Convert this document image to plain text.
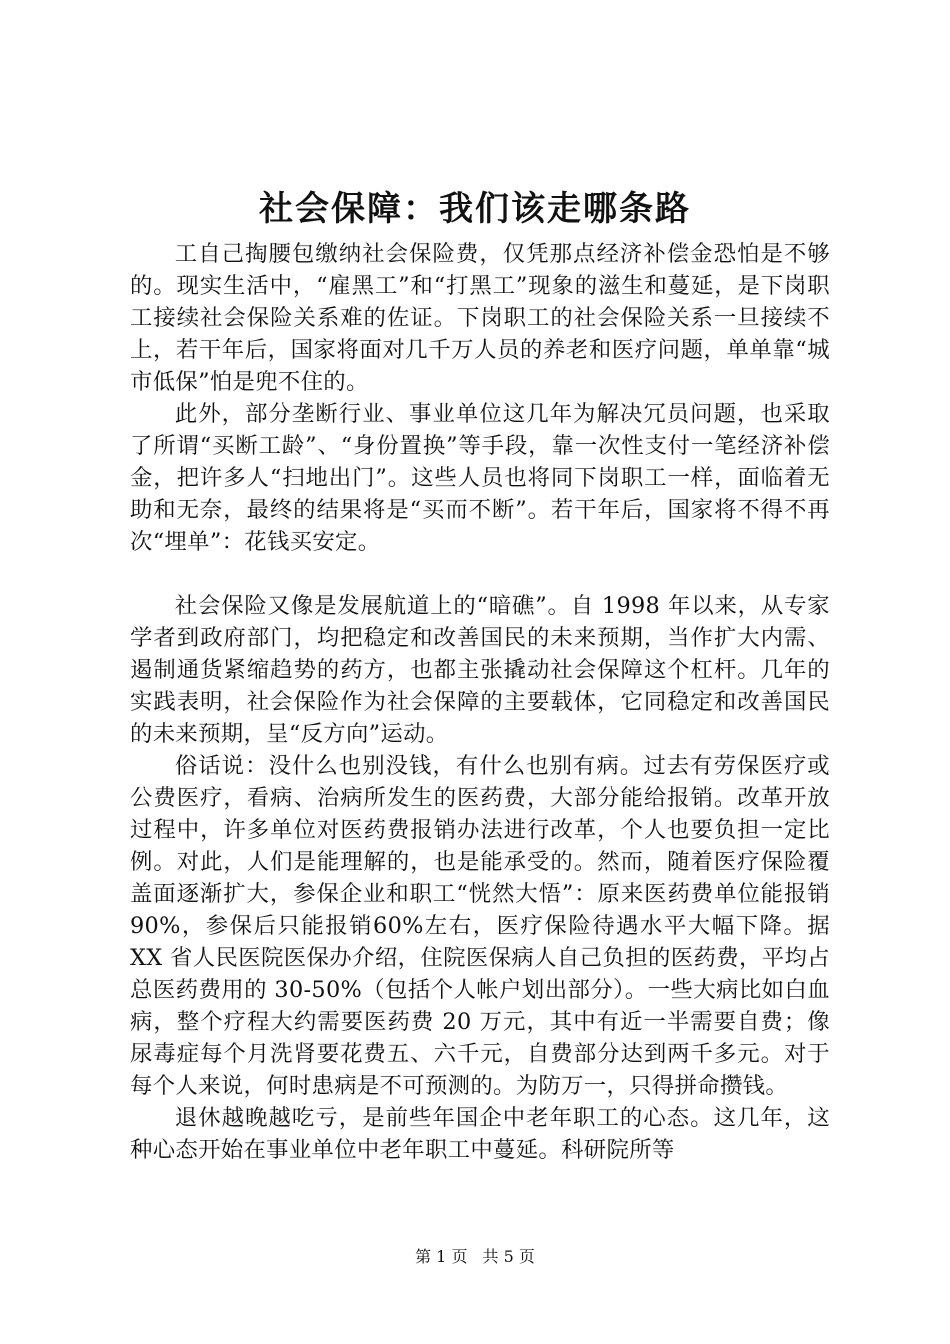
社会保障：我们该走哪条路

工自己掏腰包缴纳社会保险费，仅凭那点经济补偿金恐怕是不够的。现实生活中，“雇黑工”和“打黑工”现象的滋生和蔓延，是下岗职工接续社会保险关系难的佐证。下岗职工的社会保险关系一旦接续不上，若干年后，国家将面对几千万人员的养老和医疗问题，单单靠“城市低保”怕是兜不住的。

此外，部分垄断行业、事业单位这几年为解决冗员问题，也采取了所谓“买断工龄”、“身份置换”等手段，靠一次性支付一笔经济补偿金，把许多人“扫地出门”。这些人员也将同下岗职工一样，面临着无助和无奈，最终的结果将是“买而不断”。若干年后，国家将不得不再次“埋单”：花钱买安定。

社会保险又像是发展航道上的“暗礁”。自 1998 年以来，从专家学者到政府部门，均把稳定和改善国民的未来预期，当作扩大内需、遏制通货紧缩趋势的药方，也都主张撬动社会保障这个杠杆。几年的实践表明，社会保险作为社会保障的主要载体，它同稳定和改善国民的未来预期，呈“反方向”运动。

俗话说：没什么也别没钱，有什么也别有病。过去有劳保医疗或公费医疗，看病、治病所发生的医药费，大部分能给报销。改革开放过程中，许多单位对医药费报销办法进行改革，个人也要负担一定比例。对此，人们是能理解的，也是能承受的。然而，随着医疗保险覆盖面逐渐扩大，参保企业和职工“恍然大悟”：原来医药费单位能报销 90%，参保后只能报销60%左右，医疗保险待遇水平大幅下降。据 XX 省人民医院医保办介绍，住院医保病人自己负担的医药费，平均占总医药费用的 30-50%（包括个人帐户划出部分）。一些大病比如白血病，整个疗程大约需要医药费 20 万元，其中有近一半需要自费；像尿毒症每个月洗肾要花费五、六千元，自费部分达到两千多元。对于每个人来说，何时患病是不可预测的。为防万一，只得拼命攒钱。

退休越晚越吃亏，是前些年国企中老年职工的心态。这几年，这种心态开始在事业单位中老年职工中蔓延。科研院所等

第 1 页 共 5 页
